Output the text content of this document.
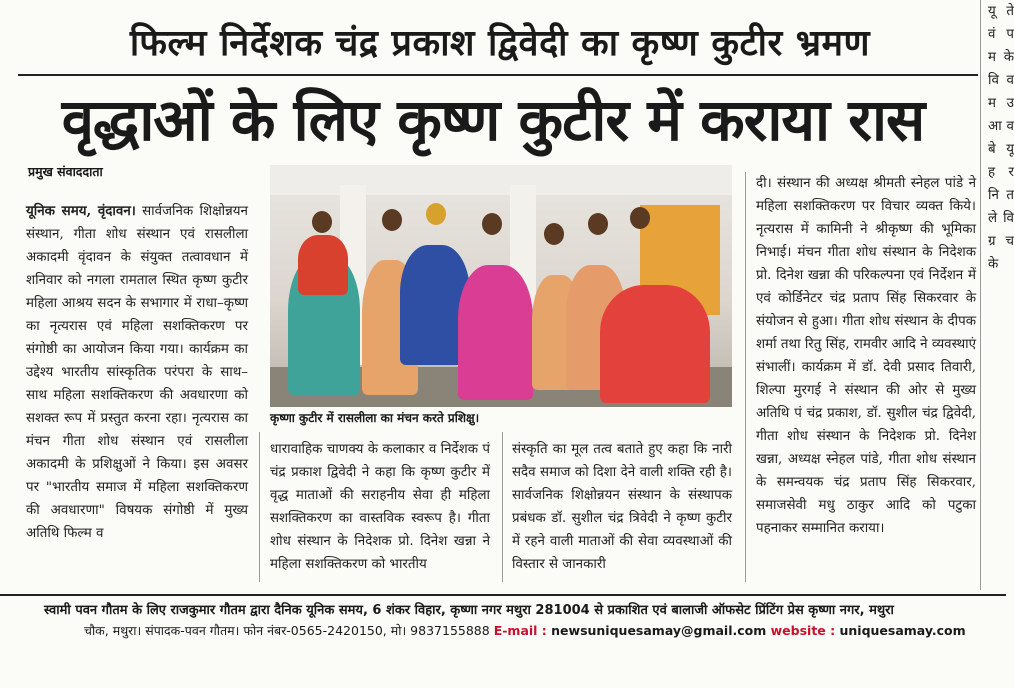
फिल्म निर्देशक चंद्र प्रकाश द्विवेदी का कृष्ण कुटीर भ्रमण
वृद्धाओं के लिए कृष्ण कुटीर में कराया रास
प्रमुख संवाददाता

यूनिक समय, वृंदावन। सार्वजनिक शिक्षोन्नयन संस्थान, गीता शोध संस्थान एवं रासलीला अकादमी वृंदावन के संयुक्त तत्वावधान में शनिवार को नगला रामताल स्थित कृष्ण कुटीर महिला आश्रय सदन के सभागार में राधा–कृष्ण का नृत्यरास एवं महिला सशक्तिकरण पर संगोष्ठी का आयोजन किया गया। कार्यक्रम का उद्देश्य भारतीय सांस्कृतिक परंपरा के साथ–साथ महिला सशक्तिकरण की अवधारणा को सशक्त रूप में प्रस्तुत करना रहा। नृत्यरास का मंचन गीता शोध संस्थान एवं रासलीला अकादमी के प्रशिक्षुओं ने किया। इस अवसर पर "भारतीय समाज में महिला सशक्तिकरण की अवधारणा" विषयक संगोष्ठी में मुख्य अतिथि फिल्म व

कृष्णा कुटीर में रासलीला का मंचन करते प्रशिक्षु।

धारावाहिक चाणक्य के कलाकार व निर्देशक पं चंद्र प्रकाश द्विवेदी ने कहा कि कृष्ण कुटीर में वृद्ध माताओं की सराहनीय सेवा ही महिला सशक्तिकरण का वास्तविक स्वरूप है। गीता शोध संस्थान के निदेशक प्रो. दिनेश खन्ना ने महिला सशक्तिकरण को भारतीय

संस्कृति का मूल तत्व बताते हुए कहा कि नारी सदैव समाज को दिशा देने वाली शक्ति रही है। सार्वजनिक शिक्षोन्नयन संस्थान के संस्थापक प्रबंधक डॉ. सुशील चंद्र त्रिवेदी ने कृष्ण कुटीर में रहने वाली माताओं की सेवा व्यवस्थाओं की विस्तार से जानकारी

दी। संस्थान की अध्यक्ष श्रीमती स्नेहल पांडे ने महिला सशक्तिकरण पर विचार व्यक्त किये। नृत्यरास में कामिनी ने श्रीकृष्ण की भूमिका निभाई। मंचन गीता शोध संस्थान के निदेशक प्रो. दिनेश खन्ना की परिकल्पना एवं निर्देशन में एवं कोर्डिनेटर चंद्र प्रताप सिंह सिकरवार के संयोजन से हुआ। गीता शोध संस्थान के दीपक शर्मा तथा रितु सिंह, रामवीर आदि ने व्यवस्थाएं संभालीं। कार्यक्रम में डॉ. देवी प्रसाद तिवारी, शिल्पा मुरगई ने संस्थान की ओर से मुख्य अतिथि पं चंद्र प्रकाश, डॉ. सुशील चंद्र द्विवेदी, गीता शोध संस्थान के निदेशक प्रो. दिनेश खन्ना, अध्यक्ष स्नेहल पांडे, गीता शोध संस्थान के समन्वयक चंद्र प्रताप सिंह सिकरवार, समाजसेवी मधु ठाकुर आदि को पटुका पहनाकर सम्मानित कराया।

यू ते वं प म के वि व म उ आ व बे यू ह र नि त ले वि ग्र च के

स्वामी पवन गौतम के लिए राजकुमार गौतम द्वारा दैनिक यूनिक समय, 6 शंकर विहार, कृष्णा नगर मथुरा 281004 से प्रकाशित एवं बालाजी ऑफसेट प्रिंटिंग प्रेस कृष्णा नगर, मथुरा
चौक, मथुरा। संपादक-पवन गौतम। फोन नंबर-0565-2420150, मो। 9837155888 E-mail : newsuniquesamay@gmail.com website : uniquesamay.com
